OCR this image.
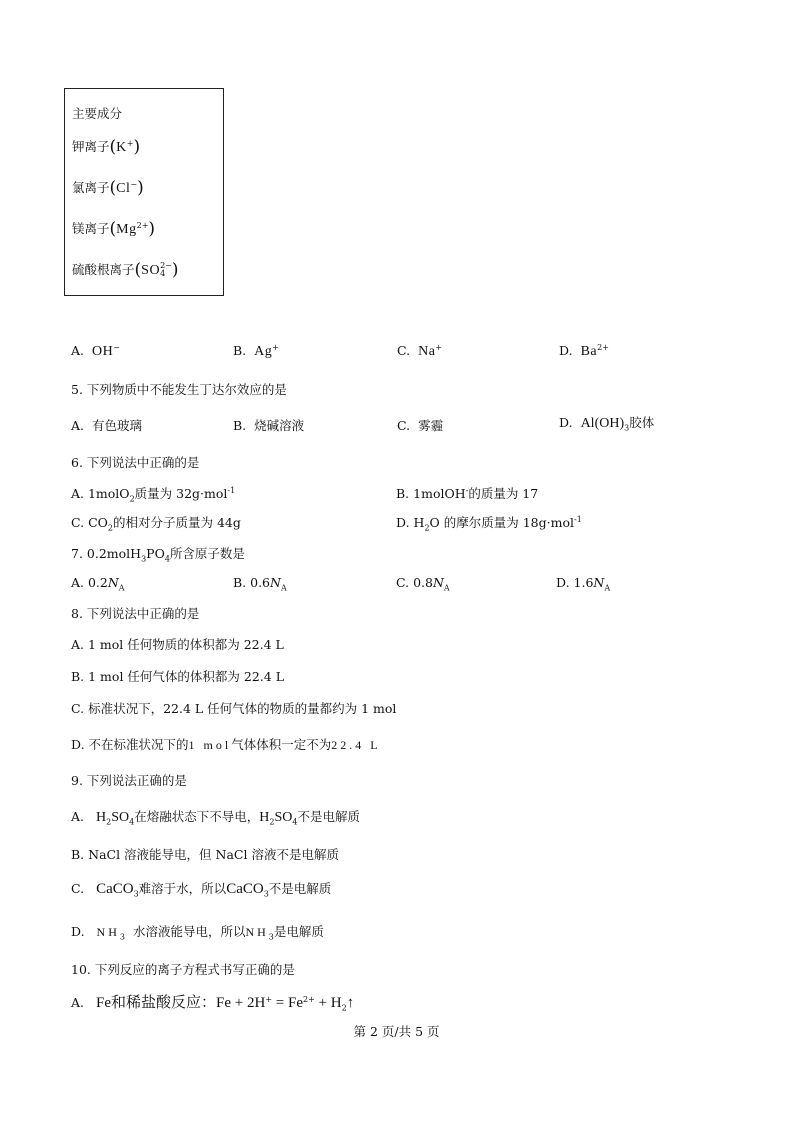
主要成分
钾离子(K+)
氯离子(Cl−)
镁离子$(Mg^{2+})$
硫酸根离子(SO2−
4 )
A. OH−	B. Ag+	C. Na+	D. $Ba^{2+}$
5. 下列物质中不能发生丁达尔效应的是
A. 有色玻璃	B. 烧碱溶液	C. 雾霾	D. $Al(OH)_3$胶体
6. 下列说法中正确的是
A. 1molO$_2$质量为 32g·mol$^{-1}$	B. 1molOH-的质量为 17
C. $CO_2$的相对分子质量为 44g	D. $H_2O$ 的摩尔质量为 18g·mol$^{-1}$
7. $0.2molH_3PO_4$所含原子数是
A. $0.2N_A$	B. $0.6N_A$	C. $0.8N_A$	D. $1.6N_A$
8. 下列说法中正确的是
A. 1 mol 任何物质的体积都为 22.4 L
B. 1 mol 任何气体的体积都为 22.4 L
C. 标准状况下，22.4 L 任何气体的物质的量都约为 1 mol
D. 不在标准状况下的1 mol气体体积一定不为22.4 L
9. 下列说法正确的是
A. $H_2SO_4$在熔融状态下不导电，$H_2SO_4$不是电解质
B. NaCl 溶液能导电，但 NaCl 溶液不是电解质
C. CaCO$_3$难溶于水，所以CaCO$_3$不是电解质
D. $NH_3$ 水溶液能导电，所以$NH_3$是电解质
10. 下列反应的离子方程式书写正确的是
A. Fe和稀盐酸反应：$Fe + 2H^+ = Fe^{2+}$ + $H_2↑$
第 2 页/共 5 页
